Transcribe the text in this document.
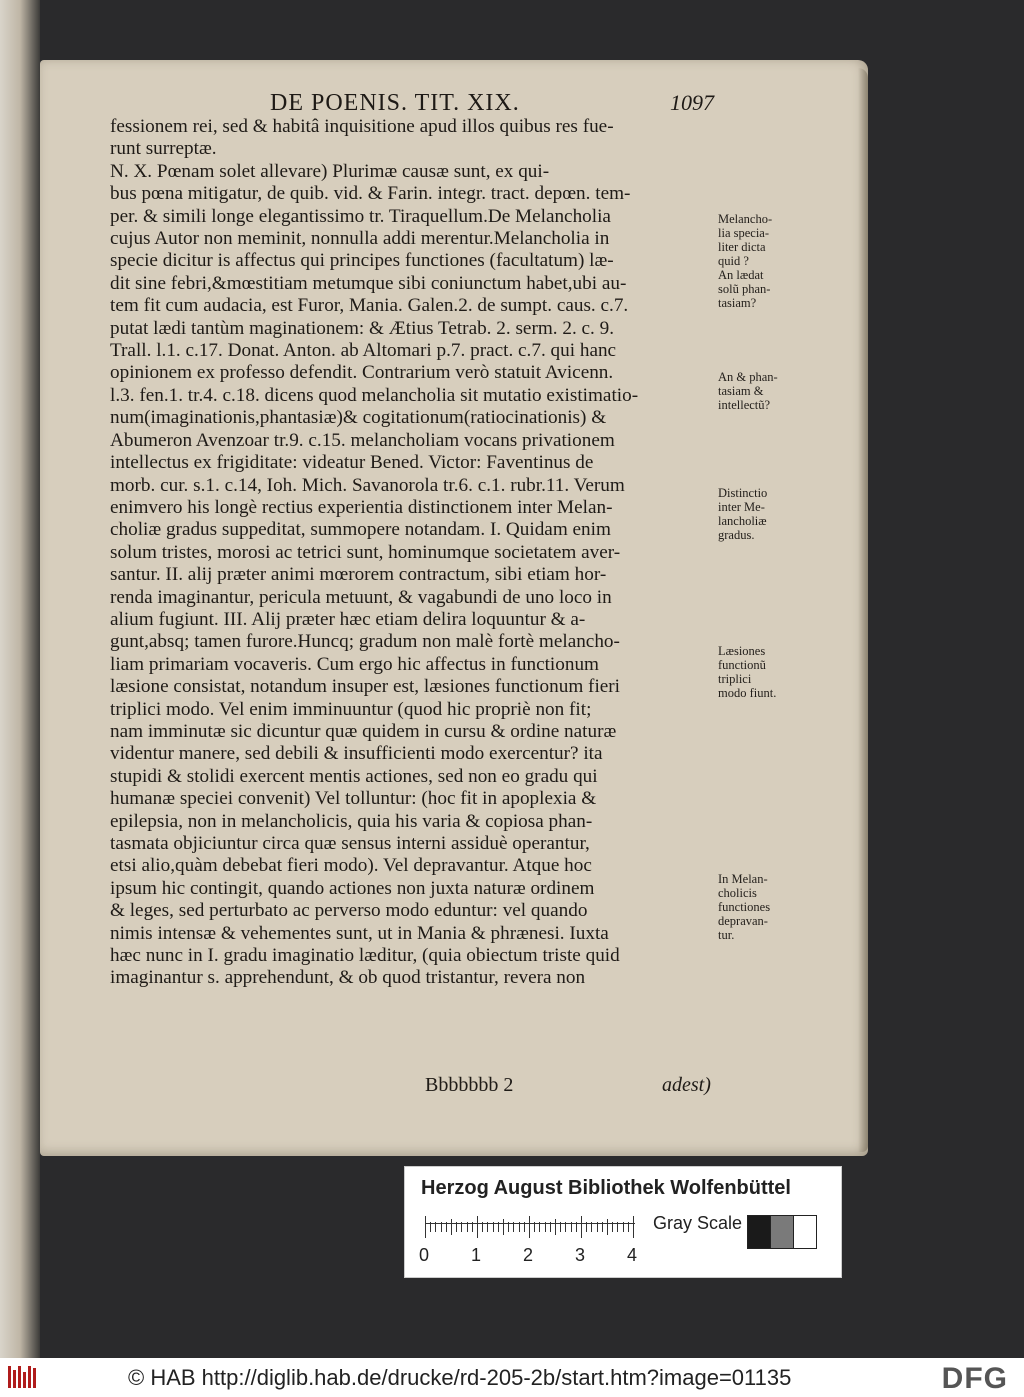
DE POENIS. TIT. XIX.	1097
fessionem rei, sed & habitâ inquisitione apud illos quibus res fue-
runt surreptæ.
N. X. Pœnam solet allevare) Plurimæ causæ sunt, ex qui-
bus pœna mitigatur, de quib. vid. & Farin. integr. tract. depœn. tem-
per. & simili longe elegantissimo tr. Tiraquellum.De Melancholia
cujus Autor non meminit, nonnulla addi merentur.Melancholia in
specie dicitur is affectus qui principes functiones (facultatum) læ-
dit sine febri,&mœstitiam metumque sibi coniunctum habet,ubi au-
tem fit cum audacia, est Furor, Mania. Galen.2. de sumpt. caus. c.7.
putat lædi tantùm maginationem: & Ætius Tetrab. 2. serm. 2. c. 9.
Trall. l.1. c.17. Donat. Anton. ab Altomari p.7. pract. c.7. qui hanc
opinionem ex professo defendit. Contrarium verò statuit Avicenn.
l.3. fen.1. tr.4. c.18. dicens quod melancholia sit mutatio existimatio-
num(imaginationis,phantasiæ)& cogitationum(ratiocinationis) &
Abumeron Avenzoar tr.9. c.15. melancholiam vocans privationem
intellectus ex frigiditate: videatur Bened. Victor: Faventinus de
morb. cur. s.1. c.14, Ioh. Mich. Savanorola tr.6. c.1. rubr.11. Verum
enimvero his longè rectius experientia distinctionem inter Melan-
choliæ gradus suppeditat, summopere notandam. I. Quidam enim
solum tristes, morosi ac tetrici sunt, hominumque societatem aver-
santur. II. alij præter animi mœrorem contractum, sibi etiam hor-
renda imaginantur, pericula metuunt, & vagabundi de uno loco in
alium fugiunt. III. Alij præter hæc etiam delira loquuntur & a-
gunt,absq; tamen furore.Huncq; gradum non malè fortè melancho-
liam primariam vocaveris. Cum ergo hic affectus in functionum
læsione consistat, notandum insuper est, læsiones functionum fieri
triplici modo. Vel enim imminuuntur (quod hic propriè non fit;
nam imminutæ sic dicuntur quæ quidem in cursu & ordine naturæ
videntur manere, sed debili & insufficienti modo exercentur? ita
stupidi & stolidi exercent mentis actiones, sed non eo gradu qui
humanæ speciei convenit) Vel tolluntur: (hoc fit in apoplexia &
epilepsia, non in melancholicis, quia his varia & copiosa phan-
tasmata objiciuntur circa quæ sensus interni assiduè operantur,
etsi alio,quàm debebat fieri modo). Vel depravantur. Atque hoc
ipsum hic contingit, quando actiones non juxta naturæ ordinem
& leges, sed perturbato ac perverso modo eduntur: vel quando
nimis intensæ & vehementes sunt, ut in Mania & phrænesi. Iuxta
hæc nunc in I. gradu imaginatio læditur, (quia obiectum triste quid
imaginantur s. apprehendunt, & ob quod tristantur, revera non
Melancho-
lia specia-
liter dicta
quid ?
An lædat
solũ phan-
tasiam?
An & phan-
tasiam &
intellectũ?
Distinctio
inter Me-
lancholiæ
gradus.
Læsiones
functionũ
triplici
modo fiunt.
In Melan-
cholicis
functiones
depravan-
tur.
Bbbbbbb 2	adest)
Herzog August Bibliothek Wolfenbüttel
0 1 2 3 4
Gray Scale
© HAB http://diglib.hab.de/drucke/rd-205-2b/start.htm?image=01135	DFG
